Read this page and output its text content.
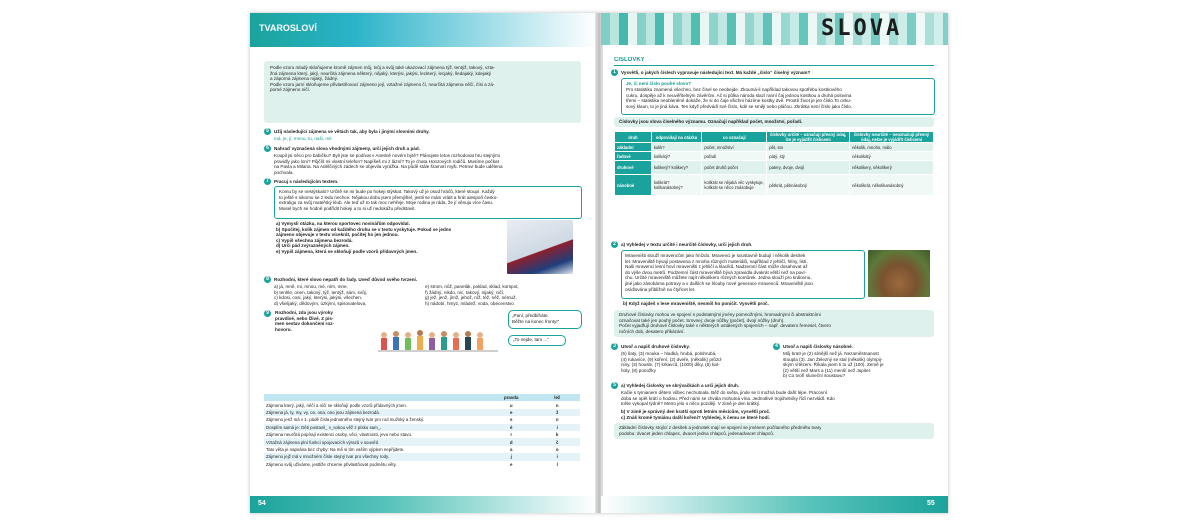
TVAROSLOVÍ
Podle vzoru mladý skloňujeme kromě zájmen můj, tvůj a svůj také ukazovací zájmena týž, tentýž, takový, vzta-
žná zájmena který, jaký, neurčitá zájmena některý, nějaký, kterýsi, jakýsi, leckterý, lecjaký, lledajaký, kdejaký
a záporná zájmena nijaký, žádný.
Podle vzoru jarní skloňujeme přivlastňovací zájmeno její, vztažné zájmeno čí, neurčitá zájmena něčí, čísi a zá-
porné zájmeno ničí.
5	Užij následující zájmena ve větách tak, aby byla i jinými slovními druhy.
má, je, jí, mnou, tu, naši, mé
6	Nahraď vyznačená slova vhodnými zájmeny, urči jejich druh a pád.
Koupil jsi něco pro babičku? Byli jste se podívat v Anetině novém bytě? Plánujete letos rozhodovat hru stejnými
pravidly jako loni? Půjčíš mi vlastní telefon? Napíšeš mi z lázní? To je chata Honzových rodičů. Musíme počkat
na Pavla a Milana. Na Adélčiných zádech se objevila vyrážka. Na půdě stále šramotí myši. Petrovi bude udělena
pochvala.
7	Pracuj s následujícím textem.
Komu by se nestýskalo? Určitě se mi bude po hokeji stýskat. Takový už je osud hráčů, které stoupí. Každý
to ještě s nikomu se z ledu nechce. Nějakou dobu jsem přemýšlel, jestli se mám vrátit a hrát alespoň česko-
extraligu za svůj mateřský klub. Ale teď už to tak moc nehřeje. Moje rodina je ráda, že jí věnuju více času.
Musel bych se hodně podřídit hokeji a to si už nedokážu představit.
a) Vymysli otázku, na kterou sportovec novinářům odpovídal.
b) Spočítej, kolik zájmen od každého druhu se v textu vyskytuje. Pokud se jedno
zájmeno objevuje v textu vícekrát, počítej ho jen jednou.
c) Vypiš všechna zájmena bezrodá.
d) Urči pád zvýrazněných zájmen.
e) Vypiš zájmena, která se skloňují podle vzorů přídavných jmen.
8	Rozhodni, které slovo nepatří do řady. Uveď důvod svého tvrzení.
a) já, mně, mi, mnou, mé, ním, mne,
b) tenhle, onen, takový, týž, tentýž, sám, svůj,
c) kdosi, cosi, jaký, kterýsi, jakýsi, všechen,
d) všelijaký, dědovým, úzkými, spisovatelova,
e) strom, nůž, panelák, poklad, sklad, kompot,
f) žádný, nikdo, nic, takový, nijaký, ničí,
g) jež, jenž, jímž, jehož, níž, též, něž, némuž,
h) nádobí, hmyz, mládež, voda, obecenstvo
9	Rozhodni, zda jsou výroky
pravdivé, nebo lživé. Z pís-
men sestav dokončení roz-
hovoru.
„Paní, předbíháte.
Běžte na konec fronty!“
„To nejde, tam ...“
	pravda	lež
Zájmena který, jaký, něčí a ničí se skloňují podle vzorů přídavných jmen.	u	n
Zájmena já, ty, my, vy, on, ona, ono jsou zájmena bezrodá.	e	ž
Zájmeno jenž má v 1. pádě čísla jednotného stejný tvar pro rod mužský a ženský.	s	n
Dosplím samá je: Děti postavil_ v_sokou věž z písku sam_.	é	í
Zájmena neurčitá popírají existenci osoby, věci, vlastnosti, jevu nebo stavu.	r	k
Vztažná zájmena plní funkci spojovacích výrazů v souvětí.	d	č
Tato věta je napsána bez chyby: Na mě si tím vaším výplem nepřijdete.	a	o
Zájmeno jejž má v množném čísle stejný tvar pro všechny rody.	j	i
Zájmeno svůj užíváme, jestliže chceme přivlastňovat podmětu věty.	e	l
54
SLOVA
ČÍSLOVKY
1	Vysvětli, o jakých číslech vypravuje následující text. Má každé „číslo“ číselný význam?
Je, či není číslo pouhé slovo?
Pro statistiku znamená všechno, bez čísel se neobejde. Zkoumá-li například takovou spotřebu kostkového
cukru, dospěje až k neuvěřitelným závěrům. Ač si půlka národa slazí ranní čaj jednou kostkou a druhá polovina
třemi – statistika neobleněné dokáže, že si do čaje všichni házíme kostky dvě. Prostě život je jen číslo.To cirku-
sový klaun, to je jiná káva. Ten když předvádí své číslo, kdé se směji nebo pláčou. Zkrátka není číslo jako číslo.
Číslovky jsou slova číselného významu. Označují například počet, množství, pořadí.
druh	odpovídají na otázku	co označují	číslovky určité – označují přesný údaj, lze je vyjádřit číslicemi	číslovky neurčité – neoznačují přesný údaj, nelze je vyjádřit číslicemi
základní	kolik?	počet, množství	pět, sto	několik, mnoho, málo
řadové	kolikátý?	pořadí	pátý, stý	několikátý
druhové	kolikerý? kolikery?	počet druhů počet	patery, dvoje, dvojí	několikery, několikerý
násobné	kolikrát? kolikanásobný?	kolikrát se nějaká věc vyskytuje, kolikrát se něco znásobuje	pětkrát, pětinásobný	několikrát, několikanásobný
2	a) Vyhledej v textu určité i neurčité číslovky, urči jejich druh.
Mraveništi slouží mravencům jako hnízdo. Mravenci je soustavně budují i několik desítek
let. Mraveniště bývají postavena z mnoha různých materiálů, například z jehličí, hlíny, listí.
Naši mravenci lesní hoví mraveništi z jehličí a klacíků. Nadzemní část může dosahovat až
do výše dvou metrů. Podzemní část mraveniště bývá zpravidla dvakrát větší než na povr-
chu. Určité mraveniště můžete najít několikero různých komůrek. Jedna slouží pro královnu,
jiné jako zásobárna potravy a v dalších se hlouby nové generace mravenců. Mraveniště jsou
osídlována přibližně na čtyřicet let.
b) Když najdeš v lese mraveniště, nesmíš ho poničit. Vysvětli proč.
Druhové číslovky mohou ve spojení s podstatnými jmény pomnožnými, hromadnými či abstraktními
označovat také jen pouhý počet. Srovnej: dvoje nůžky (počet), dvojí nůžky (druh).
Počet vyjadřují druhové číslovky také v některých ustálených spojeních – např. devatero řemesel, čtvero
ročních dob, desatero přikázání.
3	Utvoř a napiš druhové číslovky.
(5) šaty, (3) mouka – hladká, hrubá, polohrubá,
(4) rukavice, (9) koření, (2) dveře, (několik) průzd-
niny, (3) housle, (7) krkavců, (1000) díky, (6) kal-
hoty, (8) ponožky
4	Utvoř a napiš číslovky násobné.
Můj bratr je (2) silnější než já. Nezaměstnanost
stoupla (3). Jan Železný se stal (několik) olympij-
ským vítězem. Říkala jsem ti to už (100). Země je
(2) větší než Mars a (11) menší než Jupiter.
b) Co tvoří sluneční soustavu?
5	a) Vyhledej číslovky ve skrývačkách a urči jejich druh.
Kačie s tymianem dětem vůbec nechutnala. Běž do světa, jinde se ti možná bude dařit lépe. Pracovní
doba se opět krátí o hodinu. Před námi se chvála mohutná vína. Jednotlivé trojúhelníky řídí nezvládl. Kdo
tohle vykopal týdně? Metro jelo o něco později. V zimě je den krátký.
b) V zimě je správný den kratší oproti letním měsícům, vysvětli proč.
c) Znáš kromě tymiánu další koření? Vyhledej, k čemu se které hodí.
Základní číslovky stojící z desítek a jednotek mají ve spojení se jménem počítaného předmětu tvary
podobu: dvacet jeden chlapec, dvacet jedna chlapců, jedenadvacet chlapců.
55
